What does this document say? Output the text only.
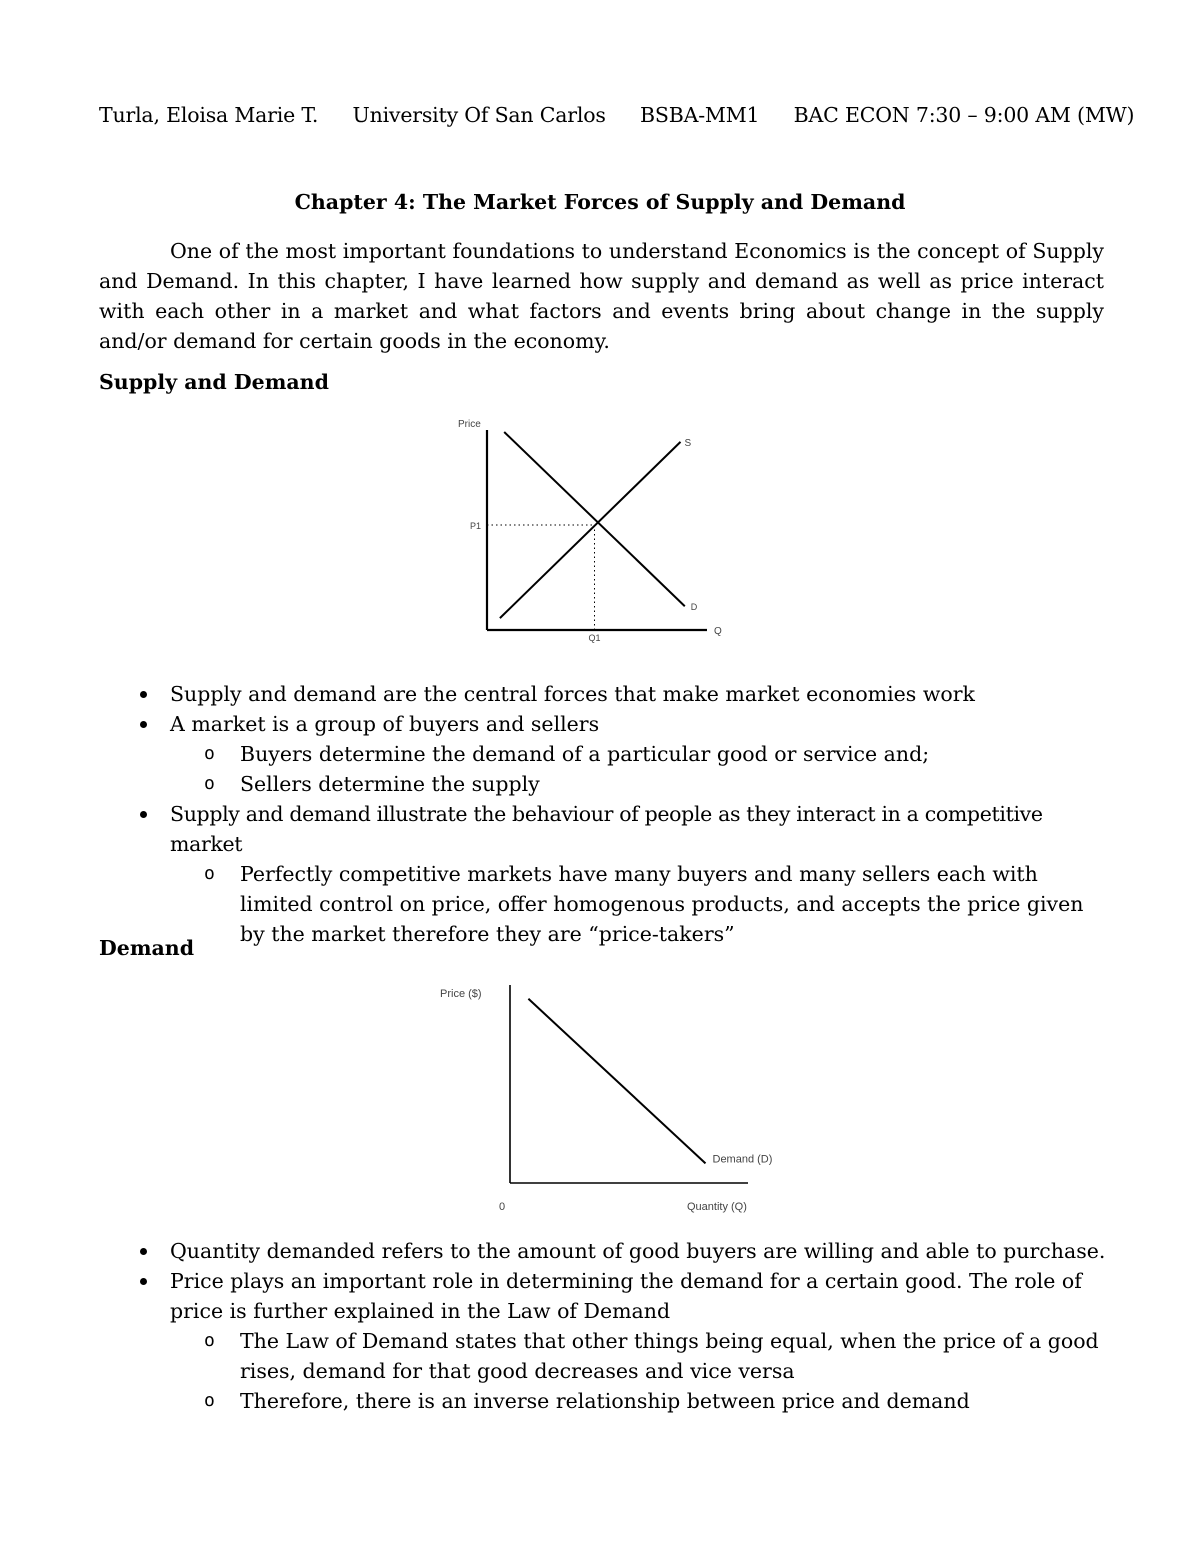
Turla, Eloisa Marie T. University Of San Carlos BSBA-MM1 BAC ECON 7:30 – 9:00 AM (MW)
Chapter 4: The Market Forces of Supply and Demand
One of the most important foundations to understand Economics is the concept of Supply and Demand. In this chapter, I have learned how supply and demand as well as price interact with each other in a market and what factors and events bring about change in the supply and/or demand for certain goods in the economy.
Supply and Demand
Price
Q
S
D
P1
Q1
Supply and demand are the central forces that make market economies work
A market is a group of buyers and sellers
o Buyers determine the demand of a particular good or service and;
o Sellers determine the supply
Supply and demand illustrate the behaviour of people as they interact in a competitive market
o Perfectly competitive markets have many buyers and many sellers each with limited control on price, offer homogenous products, and accepts the price given by the market therefore they are “price-takers”
Demand
Price ($)
Quantity (Q)
0
Demand (D)
Quantity demanded refers to the amount of good buyers are willing and able to purchase.
Price plays an important role in determining the demand for a certain good. The role of price is further explained in the Law of Demand
o The Law of Demand states that other things being equal, when the price of a good rises, demand for that good decreases and vice versa
o Therefore, there is an inverse relationship between price and demand
